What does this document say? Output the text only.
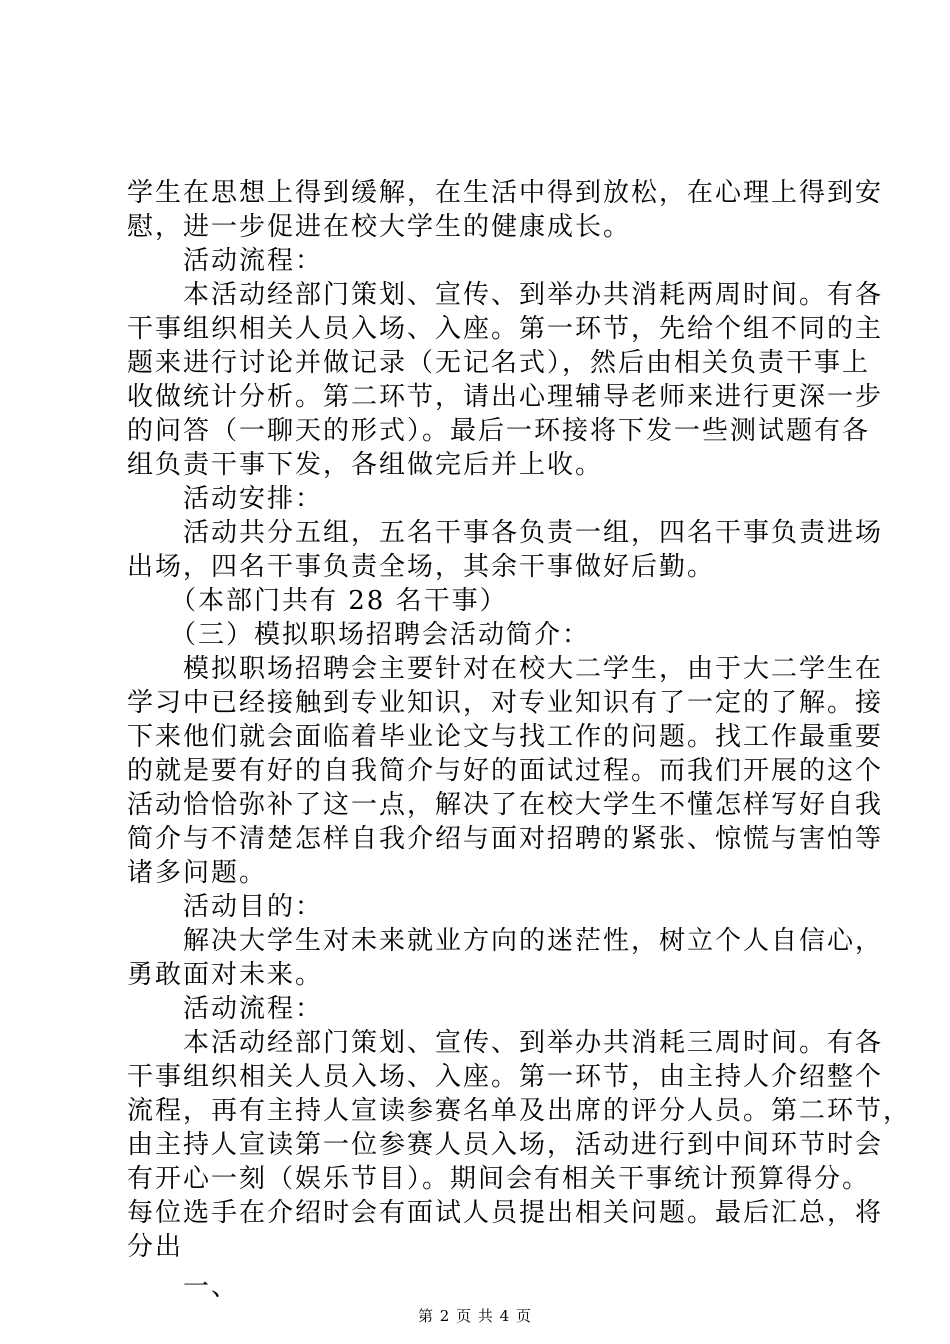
学生在思想上得到缓解，在生活中得到放松，在心理上得到安
慰，进一步促进在校大学生的健康成长。
活动流程：
本活动经部门策划、宣传、到举办共消耗两周时间。有各
干事组织相关人员入场、入座。第一环节，先给个组不同的主
题来进行讨论并做记录（无记名式），然后由相关负责干事上
收做统计分析。第二环节，请出心理辅导老师来进行更深一步
的问答（一聊天的形式）。最后一环接将下发一些测试题有各
组负责干事下发，各组做完后并上收。
活动安排：
活动共分五组，五名干事各负责一组，四名干事负责进场
出场，四名干事负责全场，其余干事做好后勤。
（本部门共有 28 名干事）
（三）模拟职场招聘会活动简介：
模拟职场招聘会主要针对在校大二学生，由于大二学生在
学习中已经接触到专业知识，对专业知识有了一定的了解。接
下来他们就会面临着毕业论文与找工作的问题。找工作最重要
的就是要有好的自我简介与好的面试过程。而我们开展的这个
活动恰恰弥补了这一点，解决了在校大学生不懂怎样写好自我
简介与不清楚怎样自我介绍与面对招聘的紧张、惊慌与害怕等
诸多问题。
活动目的：
解决大学生对未来就业方向的迷茫性，树立个人自信心，
勇敢面对未来。
活动流程：
本活动经部门策划、宣传、到举办共消耗三周时间。有各
干事组织相关人员入场、入座。第一环节，由主持人介绍整个
流程，再有主持人宣读参赛名单及出席的评分人员。第二环节，
由主持人宣读第一位参赛人员入场，活动进行到中间环节时会
有开心一刻（娱乐节目）。期间会有相关干事统计预算得分。
每位选手在介绍时会有面试人员提出相关问题。最后汇总，将
分出
一、
第 2 页 共 4 页
